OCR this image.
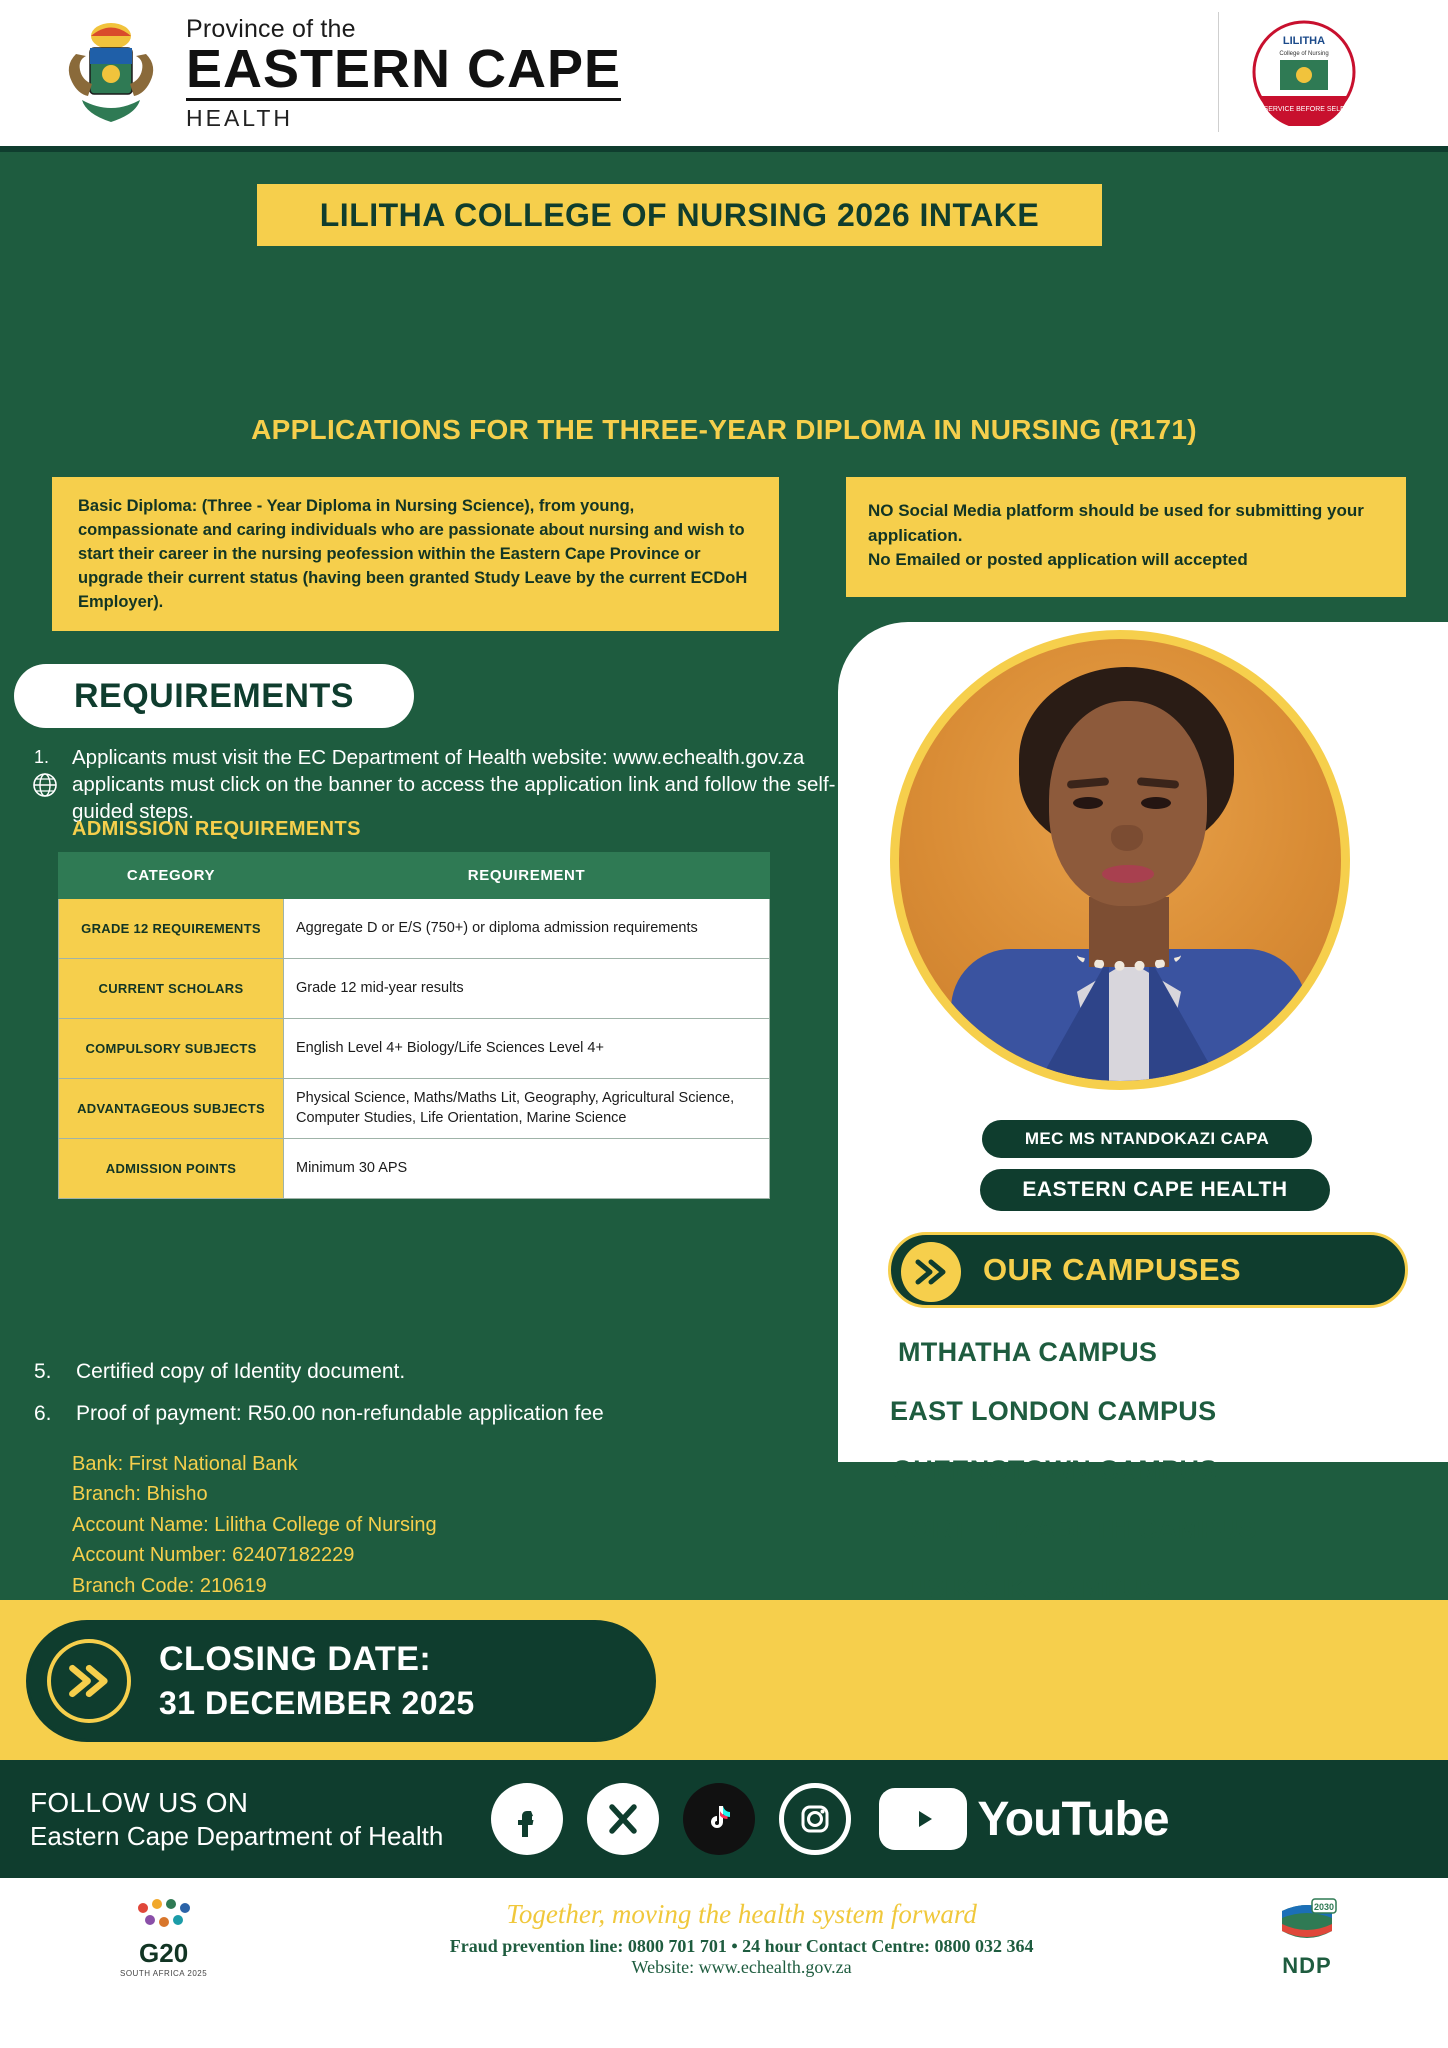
Province of the
EASTERN CAPE
HEALTH
LILITHA
College of Nursing
SERVICE BEFORE SELF
LILITHA COLLEGE OF NURSING 2026 INTAKE
APPLICATIONS FOR THE THREE-YEAR DIPLOMA IN NURSING (R171)

Basic Diploma: (Three - Year Diploma in Nursing Science), from young, compassionate and caring individuals who are passionate about nursing and wish to start their career in the nursing peofession within the Eastern Cape Province or upgrade their current status (having been granted Study Leave by the current ECDoH Employer).

NO Social Media platform should be used for submitting your application.

No Emailed or posted application will accepted

REQUIREMENTS
1. Applicants must visit the EC Department of Health website: www.echealth.gov.za applicants must click on the banner to access the application link and follow the self-guided steps.
ADMISSION REQUIREMENTS
CATEGORY	REQUIREMENT
GRADE 12 REQUIREMENTS	Aggregate D or E/S (750+) or diploma admission requirements
CURRENT SCHOLARS	Grade 12 mid-year results
COMPULSORY SUBJECTS	English Level 4+ Biology/Life Sciences Level 4+
ADVANTAGEOUS SUBJECTS	Physical Science, Maths/Maths Lit, Geography, Agricultural Science, Computer Studies, Life Orientation, Marine Science
ADMISSION POINTS	Minimum 30 APS
5. Certified copy of Identity document.
6. Proof of payment: R50.00 non-refundable application fee
Bank: First National Bank
Branch: Bhisho
Account Name: Lilitha College of Nursing
Account Number: 62407182229
Branch Code: 210619
MEC MS NTANDOKAZI CAPA
EASTERN CAPE HEALTH
OUR CAMPUSES
MTHATHA CAMPUS
EAST LONDON CAMPUS
QUEENSTOWN CAMPUS
PORT ELIZABETH CAMPUS
LUSIKISIKI CAMPUS
CLOSING DATE:
31 DECEMBER 2025
FOLLOW US ON
Eastern Cape Department of Health	YouTube
G20
SOUTH AFRICA 2025
Together, moving the health system forward
Fraud prevention line: 0800 701 701 • 24 hour Contact Centre: 0800 032 364
Website: www.echealth.gov.za
2030
NDP
